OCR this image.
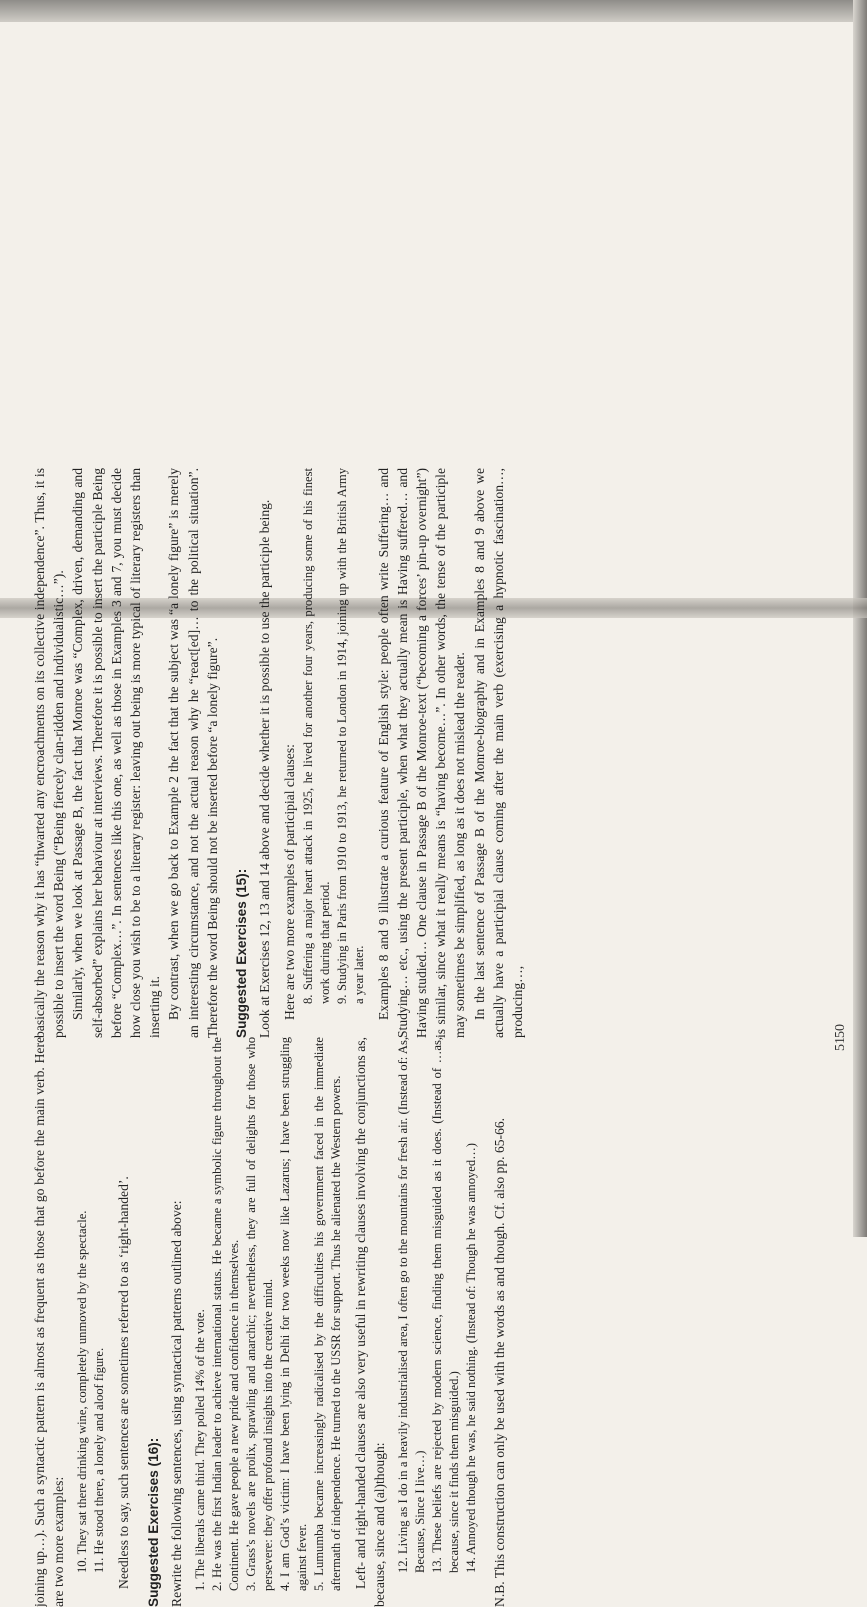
basically the reason why it has “thwarted any encroachments on its collective independence”. Thus, it is possible to insert the word Being (“Being fiercely clan-ridden and individualistic…”). Similarly, when we look at Passage B, the fact that Monroe was “Complex, driven, demanding and self-absorbed” explains her behaviour at interviews. Therefore it is possible to insert the participle Being before “Complex…”. In sentences like this one, as well as those in Examples 3 and 7, you must decide how close you wish to be to a literary register: leaving out being is more typical of literary registers than inserting it. By contrast, when we go back to Example 2 the fact that the subject was “a lonely figure” is merely an interesting circumstance, and not the actual reason why he “react[ed]… to the political situation”. Therefore the word Being should not be inserted before “a lonely figure”. Suggested Exercises (15): Look at Exercises 12, 13 and 14 above and decide whether it is possible to use the participle being. Here are two more examples of participial clauses: 8. Suffering a major heart attack in 1925, he lived for another four years, producing some of his finest work during that period. 9. Studying in Paris from 1910 to 1913, he returned to London in 1914, joining up with the British Army a year later. Examples 8 and 9 illustrate a curious feature of English style: people often write Suffering… and Studying… etc., using the present participle, when what they actually mean is Having suffered… and Having studied… One clause in Passage B of the Monroe-text (“becoming a forces’ pin-up overnight”) is similar, since what it really means is “having become…”. In other words, the tense of the participle may sometimes be simplified, as long as it does not mislead the reader. In the last sentence of Passage B of the Monroe-biography and in Examples 8 and 9 above we actually have a participial clause coming after the main verb (exercising a hypnotic fascination…, producing…,	50

joining up…). Such a syntactic pattern is almost as frequent as those that go before the main verb. Here are two more examples: 10. They sat there drinking wine, completely unmoved by the spectacle. 11. He stood there, a lonely and aloof figure. Needless to say, such sentences are sometimes referred to as ‘right-handed’. Suggested Exercises (16): Rewrite the following sentences, using syntactical patterns outlined above: 1. The liberals came third. They polled 14% of the vote. 2. He was the first Indian leader to achieve international status. He became a symbolic figure throughout the Continent. He gave people a new pride and confidence in themselves. 3. Grass’s novels are prolix, sprawling and anarchic; nevertheless, they are full of delights for those who persevere: they offer profound insights into the creative mind. 4. I am God’s victim: I have been lying in Delhi for two weeks now like Lazarus; I have been struggling against fever. 5. Lumumba became increasingly radicalised by the difficulties his government faced in the immediate aftermath of independence. He turned to the USSR for support. Thus he alienated the Western powers. Left- and right-handed clauses are also very useful in rewriting clauses involving the conjunctions as, because, since and (al)though: 12. Living as I do in a heavily industrialised area, I often go to the mountains for fresh air. (Instead of: As, Because, Since I live…) 13. These beliefs are rejected by modern science, finding them misguided as it does. (Instead of …as, because, since it finds them misguided.) 14. Annoyed though he was, he said nothing. (Instead of: Though he was annoyed…) N.B. This construction can only be used with the words as and though. Cf. also pp. 65-66.

51
